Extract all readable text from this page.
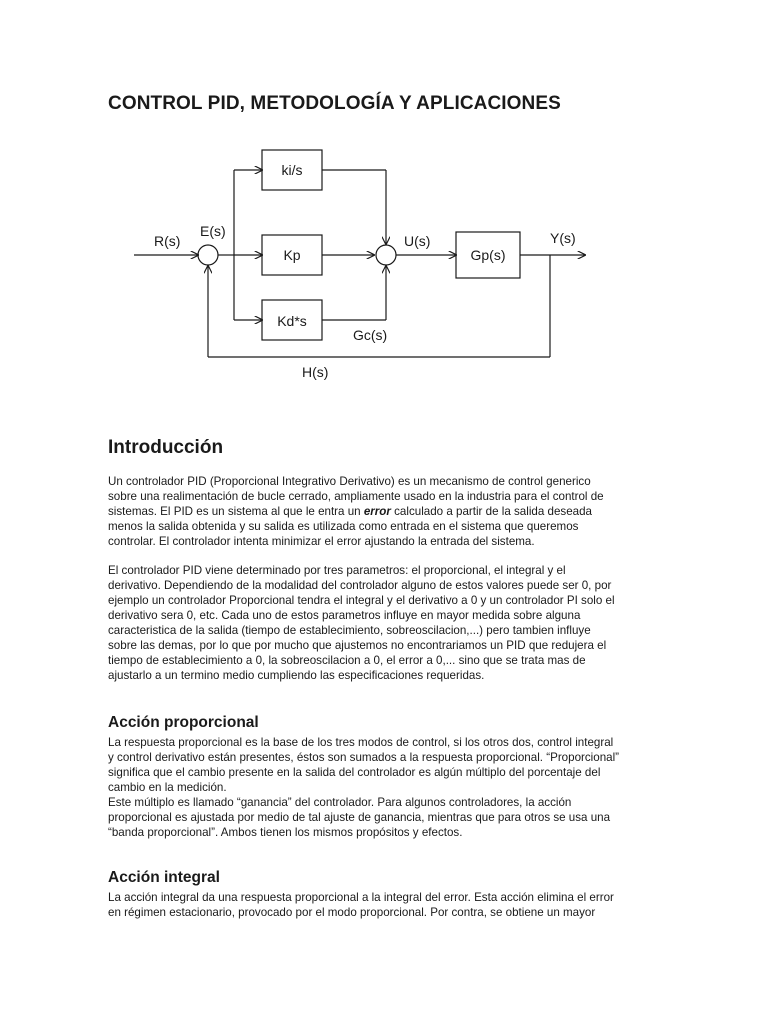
CONTROL PID, METODOLOGÍA Y APLICACIONES
R(s)
E(s)
ki/s
Kp
Kd*s
U(s)
Gp(s)
Y(s)
Gc(s)
H(s)
Introducción

Un controlador PID (Proporcional Integrativo Derivativo) es un mecanismo de control generico
sobre una realimentación de bucle cerrado, ampliamente usado en la industria para el control de
sistemas. El PID es un sistema al que le entra un error calculado a partir de la salida deseada
menos la salida obtenida y su salida es utilizada como entrada en el sistema que queremos
controlar. El controlador intenta minimizar el error ajustando la entrada del sistema.

El controlador PID viene determinado por tres parametros: el proporcional, el integral y el
derivativo. Dependiendo de la modalidad del controlador alguno de estos valores puede ser 0, por
ejemplo un controlador Proporcional tendra el integral y el derivativo a 0 y un controlador PI solo el
derivativo sera 0, etc. Cada uno de estos parametros influye en mayor medida sobre alguna
caracteristica de la salida (tiempo de establecimiento, sobreoscilacion,...) pero tambien influye
sobre las demas, por lo que por mucho que ajustemos no encontrariamos un PID que redujera el
tiempo de establecimiento a 0, la sobreoscilacion a 0, el error a 0,... sino que se trata mas de
ajustarlo a un termino medio cumpliendo las especificaciones requeridas.

Acción proporcional

La respuesta proporcional es la base de los tres modos de control, si los otros dos, control integral
y control derivativo están presentes, éstos son sumados a la respuesta proporcional. “Proporcional”
significa que el cambio presente en la salida del controlador es algún múltiplo del porcentaje del
cambio en la medición.
Este múltiplo es llamado “ganancia” del controlador. Para algunos controladores, la acción
proporcional es ajustada por medio de tal ajuste de ganancia, mientras que para otros se usa una
“banda proporcional”. Ambos tienen los mismos propósitos y efectos.

Acción integral

La acción integral da una respuesta proporcional a la integral del error. Esta acción elimina el error
en régimen estacionario, provocado por el modo proporcional. Por contra, se obtiene un mayor
